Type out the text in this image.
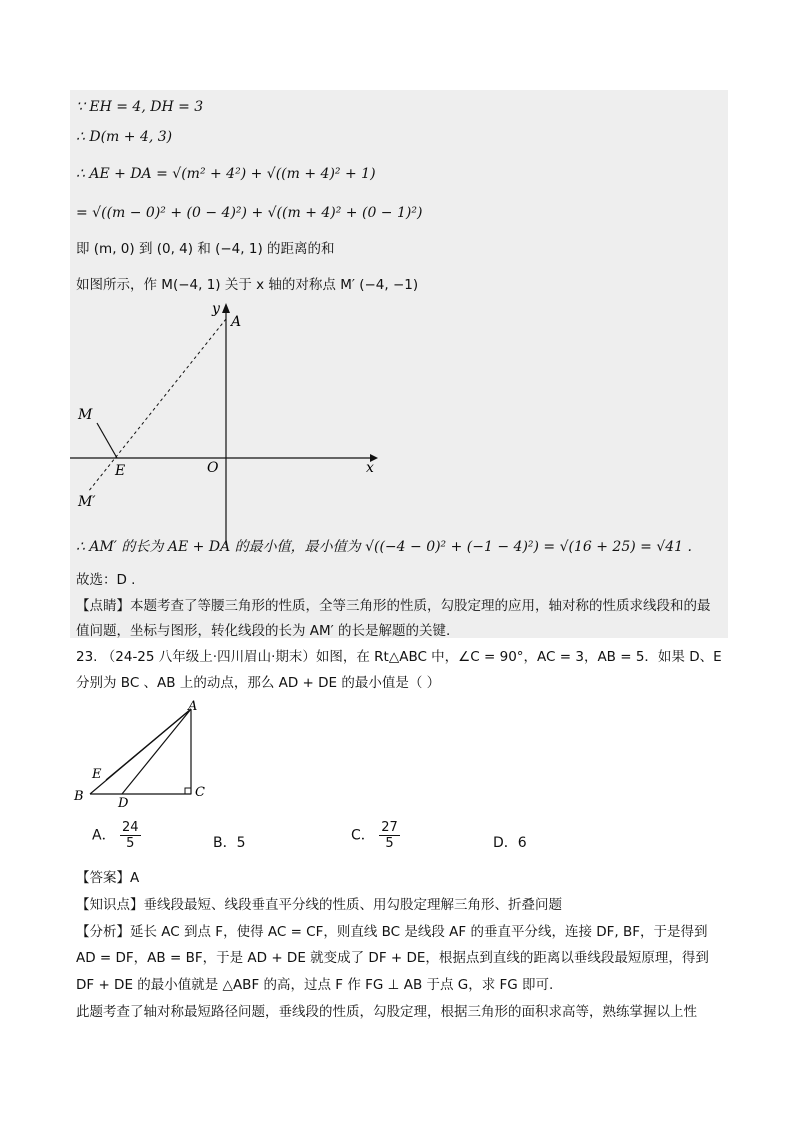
∵ EH = 4, DH = 3
∴ D(m + 4, 3)
∴ AE + DA = √(m² + 4²) + √((m + 4)² + 1)
= √((m − 0)² + (0 − 4)²) + √((m + 4)² + (0 − 1)²)
即 (m, 0) 到 (0, 4) 和 (−4, 1) 的距离的和
如图所示，作 M(−4, 1) 关于 x 轴的对称点 M′ (−4, −1)
y
A
M
E	O	x
M′
∴ AM′ 的长为 AE + DA 的最小值，最小值为 √((−4 − 0)² + (−1 − 4)²) = √(16 + 25) = √41 .
故选：D .
【点睛】本题考查了等腰三角形的性质，全等三角形的性质，勾股定理的应用，轴对称的性质求线段和的最
值问题，坐标与图形，转化线段的长为 AM′ 的长是解题的关键.
23. （24-25 八年级上·四川眉山·期末）如图，在 Rt△ABC 中，∠C = 90°，AC = 3，AB = 5．如果 D、E
分别为 BC 、AB 上的动点，那么 AD + DE 的最小值是（ ）
A
E
B	D
C
A． $\frac{24}{5}$	B．5	C． $\frac{27}{5}$	D．6
【答案】A
【知识点】垂线段最短、线段垂直平分线的性质、用勾股定理解三角形、折叠问题
【分析】延长 AC 到点 F，使得 AC = CF，则直线 BC 是线段 AF 的垂直平分线，连接 DF, BF，于是得到
AD = DF，AB = BF，于是 AD + DE 就变成了 DF + DE，根据点到直线的距离以垂线段最短原理，得到
DF + DE 的最小值就是 △ABF 的高，过点 F 作 FG ⊥ AB 于点 G，求 FG 即可.
此题考查了轴对称最短路径问题，垂线段的性质，勾股定理，根据三角形的面积求高等，熟练掌握以上性
